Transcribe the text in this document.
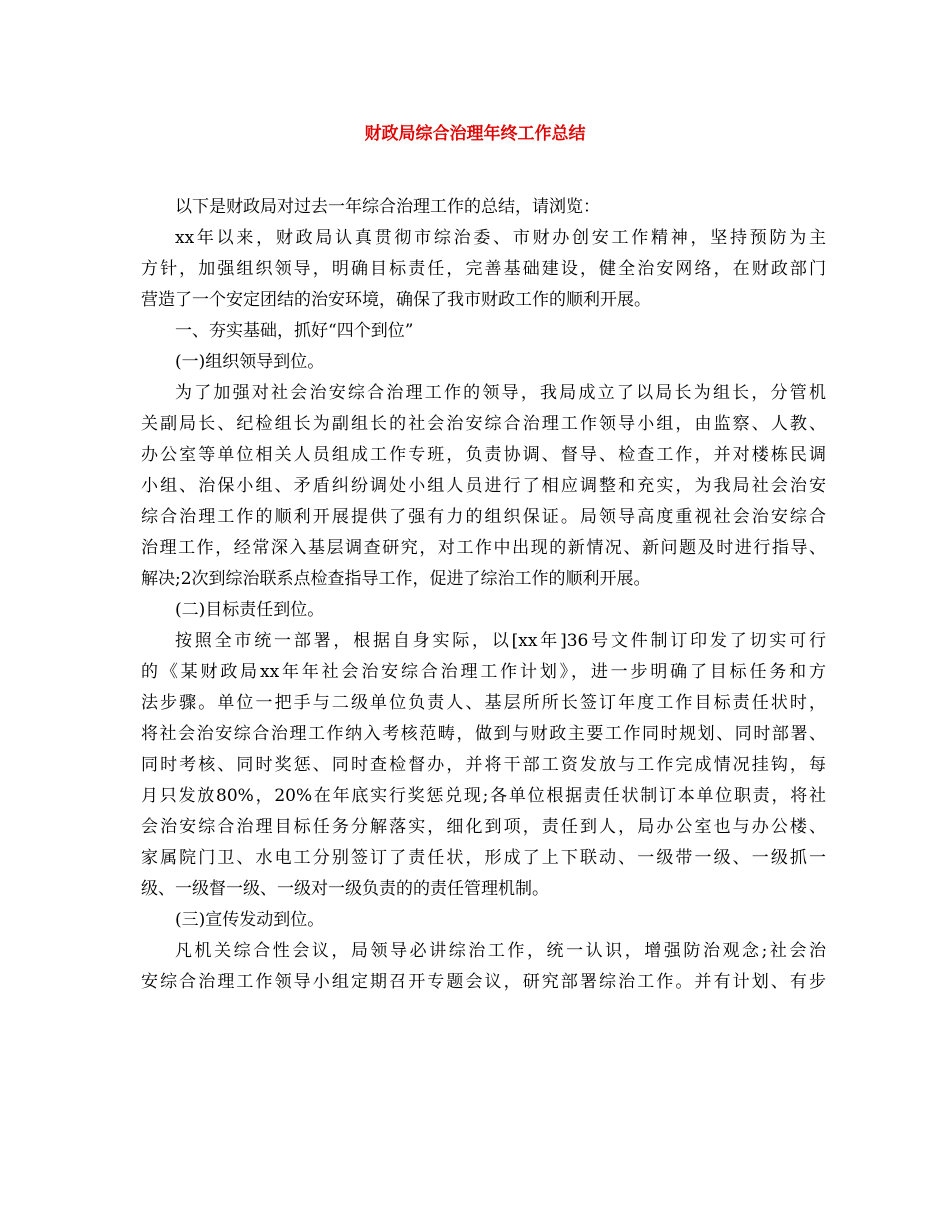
财政局综合治理年终工作总结
以下是财政局对过去一年综合治理工作的总结，请浏览：
xx年以来，财政局认真贯彻市综治委、市财办创安工作精神，坚持预防为主
方针，加强组织领导，明确目标责任，完善基础建设，健全治安网络，在财政部门
营造了一个安定团结的治安环境，确保了我市财政工作的顺利开展。
一、夯实基础，抓好“四个到位”
(一)组织领导到位。
为了加强对社会治安综合治理工作的领导，我局成立了以局长为组长，分管机
关副局长、纪检组长为副组长的社会治安综合治理工作领导小组，由监察、人教、
办公室等单位相关人员组成工作专班，负责协调、督导、检查工作，并对楼栋民调
小组、治保小组、矛盾纠纷调处小组人员进行了相应调整和充实，为我局社会治安
综合治理工作的顺利开展提供了强有力的组织保证。局领导高度重视社会治安综合
治理工作，经常深入基层调查研究，对工作中出现的新情况、新问题及时进行指导、
解决;2次到综治联系点检查指导工作，促进了综治工作的顺利开展。
(二)目标责任到位。
按照全市统一部署，根据自身实际，以[xx年]36号文件制订印发了切实可行
的《某财政局xx年年社会治安综合治理工作计划》，进一步明确了目标任务和方
法步骤。单位一把手与二级单位负责人、基层所所长签订年度工作目标责任状时，
将社会治安综合治理工作纳入考核范畴，做到与财政主要工作同时规划、同时部署、
同时考核、同时奖惩、同时查检督办，并将干部工资发放与工作完成情况挂钩，每
月只发放80%，20%在年底实行奖惩兑现;各单位根据责任状制订本单位职责，将社
会治安综合治理目标任务分解落实，细化到项，责任到人，局办公室也与办公楼、
家属院门卫、水电工分别签订了责任状，形成了上下联动、一级带一级、一级抓一
级、一级督一级、一级对一级负责的的责任管理机制。
(三)宣传发动到位。
凡机关综合性会议，局领导必讲综治工作，统一认识，增强防治观念;社会治
安综合治理工作领导小组定期召开专题会议，研究部署综治工作。并有计划、有步
